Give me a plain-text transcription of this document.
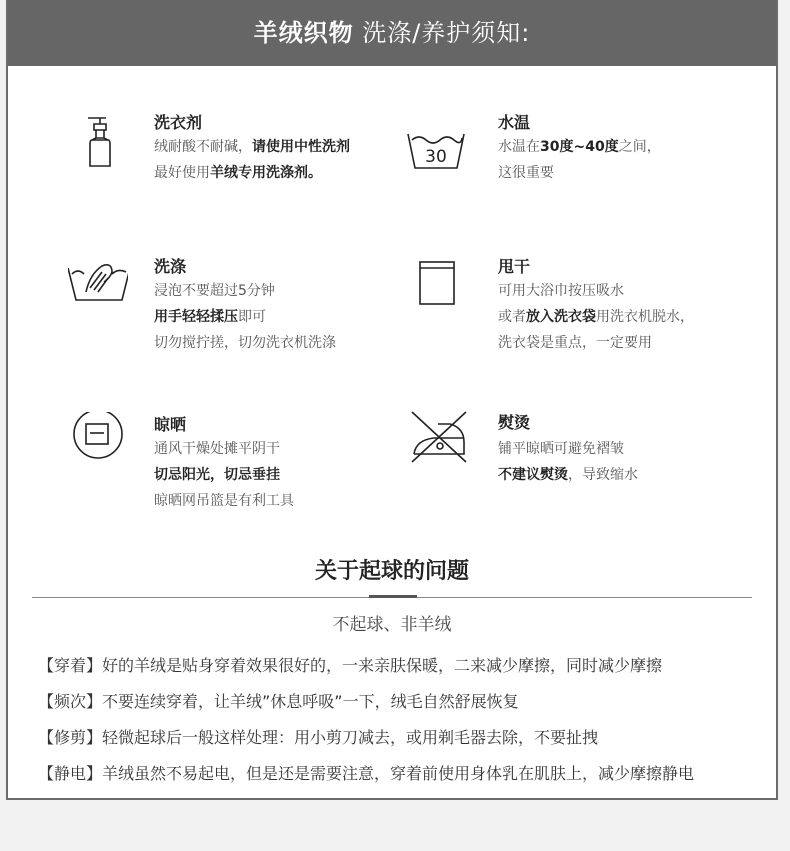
羊绒织物 洗涤/养护须知:
洗衣剂
绒耐酸不耐碱，请使用中性洗剂
最好使用羊绒专用洗涤剂。
30
水温
水温在30度~40度之间，
这很重要
洗涤
浸泡不要超过5分钟
用手轻轻揉压即可
切勿搅拧搓，切勿洗衣机洗涤
甩干
可用大浴巾按压吸水
或者放入洗衣袋用洗衣机脱水，
洗衣袋是重点，一定要用
晾晒
通风干燥处摊平阴干
切忌阳光，切忌垂挂
晾晒网吊篮是有利工具
熨烫
铺平晾晒可避免褶皱
不建议熨烫，导致缩水
关于起球的问题
不起球、非羊绒
【穿着】好的羊绒是贴身穿着效果很好的，一来亲肤保暖，二来减少摩擦，同时减少摩擦
【频次】不要连续穿着，让羊绒”休息呼吸”一下，绒毛自然舒展恢复
【修剪】轻微起球后一般这样处理：用小剪刀减去，或用剃毛器去除，不要扯拽
【静电】羊绒虽然不易起电，但是还是需要注意，穿着前使用身体乳在肌肤上，减少摩擦静电
